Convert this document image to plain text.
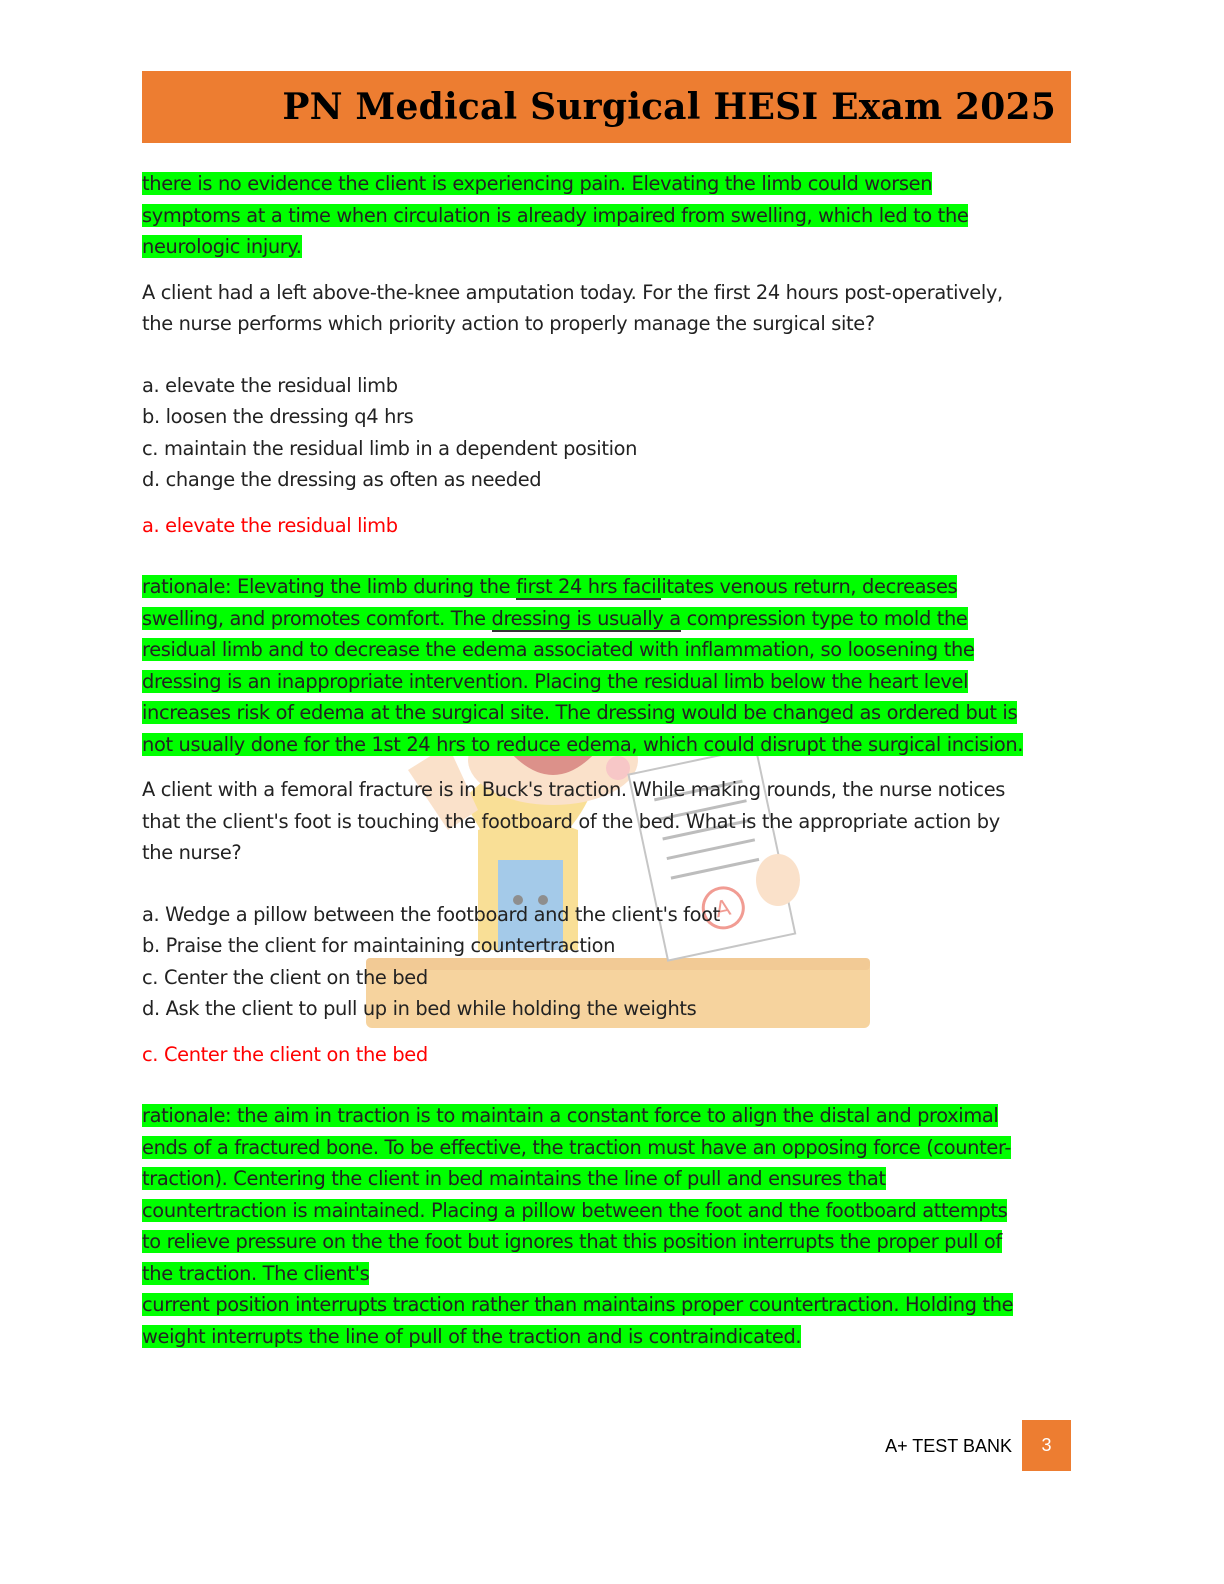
PN Medical Surgical HESI Exam 2025
A

there is no evidence the client is experiencing pain. Elevating the limb could worsen
symptoms at a time when circulation is already impaired from swelling, which led to the
neurologic injury.

A client had a left above-the-knee amputation today. For the first 24 hours post-operatively,
the nurse performs which priority action to properly manage the surgical site?

a. elevate the residual limb

b. loosen the dressing q4 hrs

c. maintain the residual limb in a dependent position

d. change the dressing as often as needed

a. elevate the residual limb

rationale: Elevating the limb during the first 24 hrs facilitates venous return, decreases
swelling, and promotes comfort. The dressing is usually a compression type to mold the
residual limb and to decrease the edema associated with inflammation, so loosening the
dressing is an inappropriate intervention. Placing the residual limb below the heart level
increases risk of edema at the surgical site. The dressing would be changed as ordered but is
not usually done for the 1st 24 hrs to reduce edema, which could disrupt the surgical incision.

A client with a femoral fracture is in Buck's traction. While making rounds, the nurse notices
that the client's foot is touching the footboard of the bed. What is the appropriate action by
the nurse?

a. Wedge a pillow between the footboard and the client's foot

b. Praise the client for maintaining countertraction

c. Center the client on the bed

d. Ask the client to pull up in bed while holding the weights

c. Center the client on the bed

rationale: the aim in traction is to maintain a constant force to align the distal and proximal
ends of a fractured bone. To be effective, the traction must have an opposing force (counter-
traction). Centering the client in bed maintains the line of pull and ensures that
countertraction is maintained. Placing a pillow between the foot and the footboard attempts
to relieve pressure on the the foot but ignores that this position interrupts the proper pull of
the traction. The client's
current position interrupts traction rather than maintains proper countertraction. Holding the
weight interrupts the line of pull of the traction and is contraindicated.

A+ TEST BANK	3
